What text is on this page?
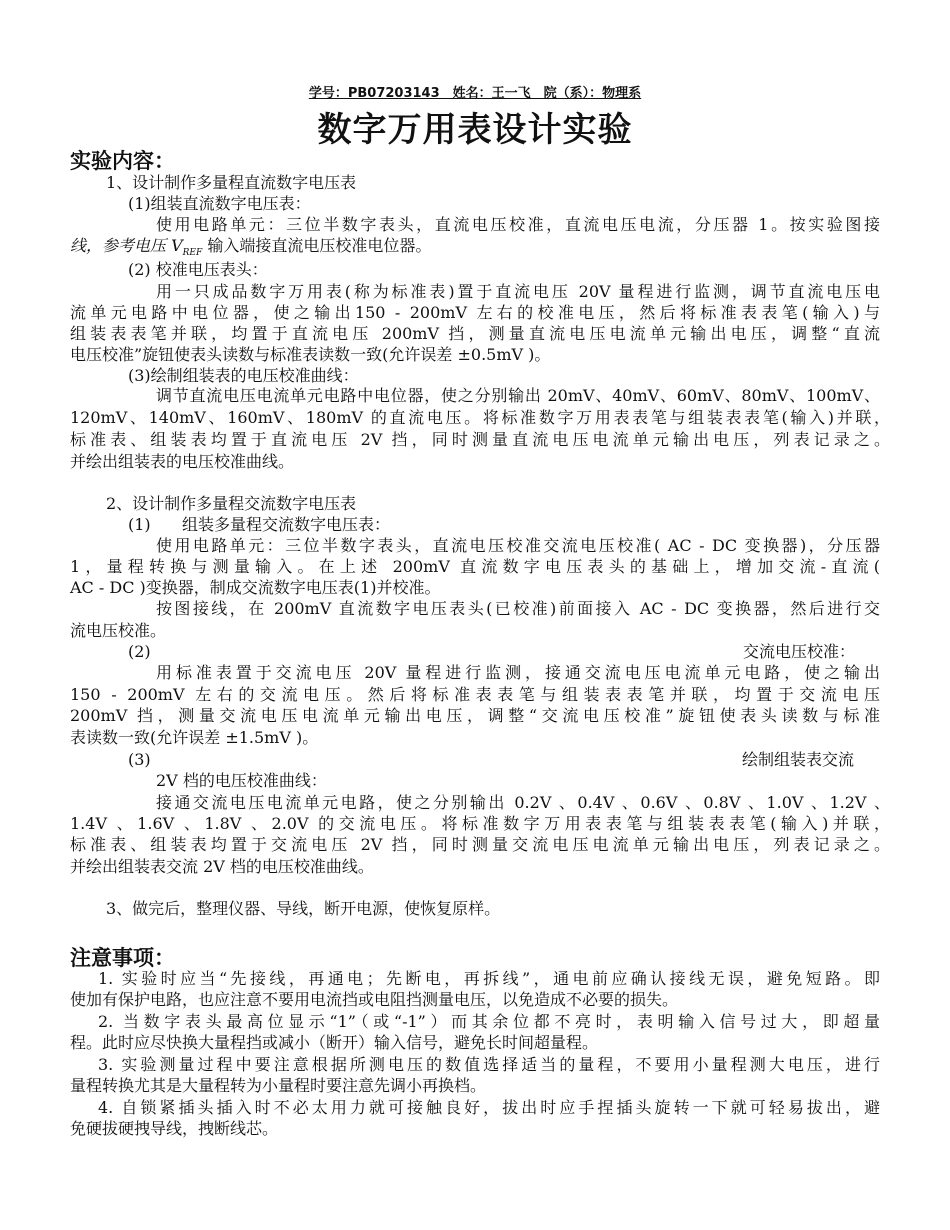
学号：PB07203143　姓名：王一飞　院（系）：物理系
数字万用表设计实验
实验内容：
1、设计制作多量程直流数字电压表
(1)组装直流数字电压表：
使用电路单元：三位半数字表头，直流电压校准，直流电压电流，分压器 1。按实验图接
线，参考电压 $V_{REF}$ 输入端接直流电压校准电位器。
(2) 校准电压表头：
用一只成品数字万用表(称为标准表)置于直流电压 20V 量程进行监测，调节直流电压电
流单元电路中电位器，使之输出150 - 200mV 左右的校准电压，然后将标准表表笔(输入)与
组装表表笔并联，均置于直流电压 200mV 挡，测量直流电压电流单元输出电压，调整“直流
电压校准”旋钮使表头读数与标准表读数一致(允许误差 ±0.5mV )。
(3)绘制组装表的电压校准曲线：
调节直流电压电流单元电路中电位器，使之分别输出 20mV、40mV、60mV、80mV、100mV、
120mV、140mV、160mV、180mV 的直流电压。将标准数字万用表表笔与组装表表笔(输入)并联，
标准表、组装表均置于直流电压 2V 挡，同时测量直流电压电流单元输出电压，列表记录之。
并绘出组装表的电压校准曲线。
2、设计制作多量程交流数字电压表
(1) 组装多量程交流数字电压表：
使用电路单元：三位半数字表头，直流电压校准交流电压校准( AC - DC 变换器)，分压器
1，量程转换与测量输入。在上述 200mV 直流数字电压表头的基础上，增加交流-直流(
AC - DC )变换器，制成交流数字电压表(1)并校准。
按图接线，在 200mV 直流数字电压表头(已校准)前面接入 AC - DC 变换器，然后进行交
流电压校准。
(2)	交流电压校准：
用标准表置于交流电压 20V 量程进行监测，接通交流电压电流单元电路，使之输出
150 - 200mV 左右的交流电压。然后将标准表表笔与组装表表笔并联，均置于交流电压
200mV 挡，测量交流电压电流单元输出电压，调整“交流电压校准”旋钮使表头读数与标准
表读数一致(允许误差 ±1.5mV )。
(3)	绘制组装表交流
2V 档的电压校准曲线：
接通交流电压电流单元电路，使之分别输出 0.2V 、0.4V 、0.6V 、0.8V 、1.0V 、1.2V 、
1.4V 、1.6V 、1.8V 、2.0V 的交流电压。将标准数字万用表表笔与组装表表笔(输入)并联，
标准表、组装表均置于交流电压 2V 挡，同时测量交流电压电流单元输出电压，列表记录之。
并绘出组装表交流 2V 档的电压校准曲线。
3、做完后，整理仪器、导线，断开电源，使恢复原样。
注意事项：
1. 实验时应当“先接线，再通电；先断电，再拆线”，通电前应确认接线无误，避免短路。即
使加有保护电路，也应注意不要用电流挡或电阻挡测量电压，以免造成不必要的损失。
2. 当数字表头最高位显示“1”（或“-1”）而其余位都不亮时，表明输入信号过大，即超量
程。此时应尽快换大量程挡或减小（断开）输入信号，避免长时间超量程。
3. 实验测量过程中要注意根据所测电压的数值选择适当的量程，不要用小量程测大电压，进行
量程转换尤其是大量程转为小量程时要注意先调小再换档。
4. 自锁紧插头插入时不必太用力就可接触良好，拔出时应手捏插头旋转一下就可轻易拔出，避
免硬拔硬拽导线，拽断线芯。
